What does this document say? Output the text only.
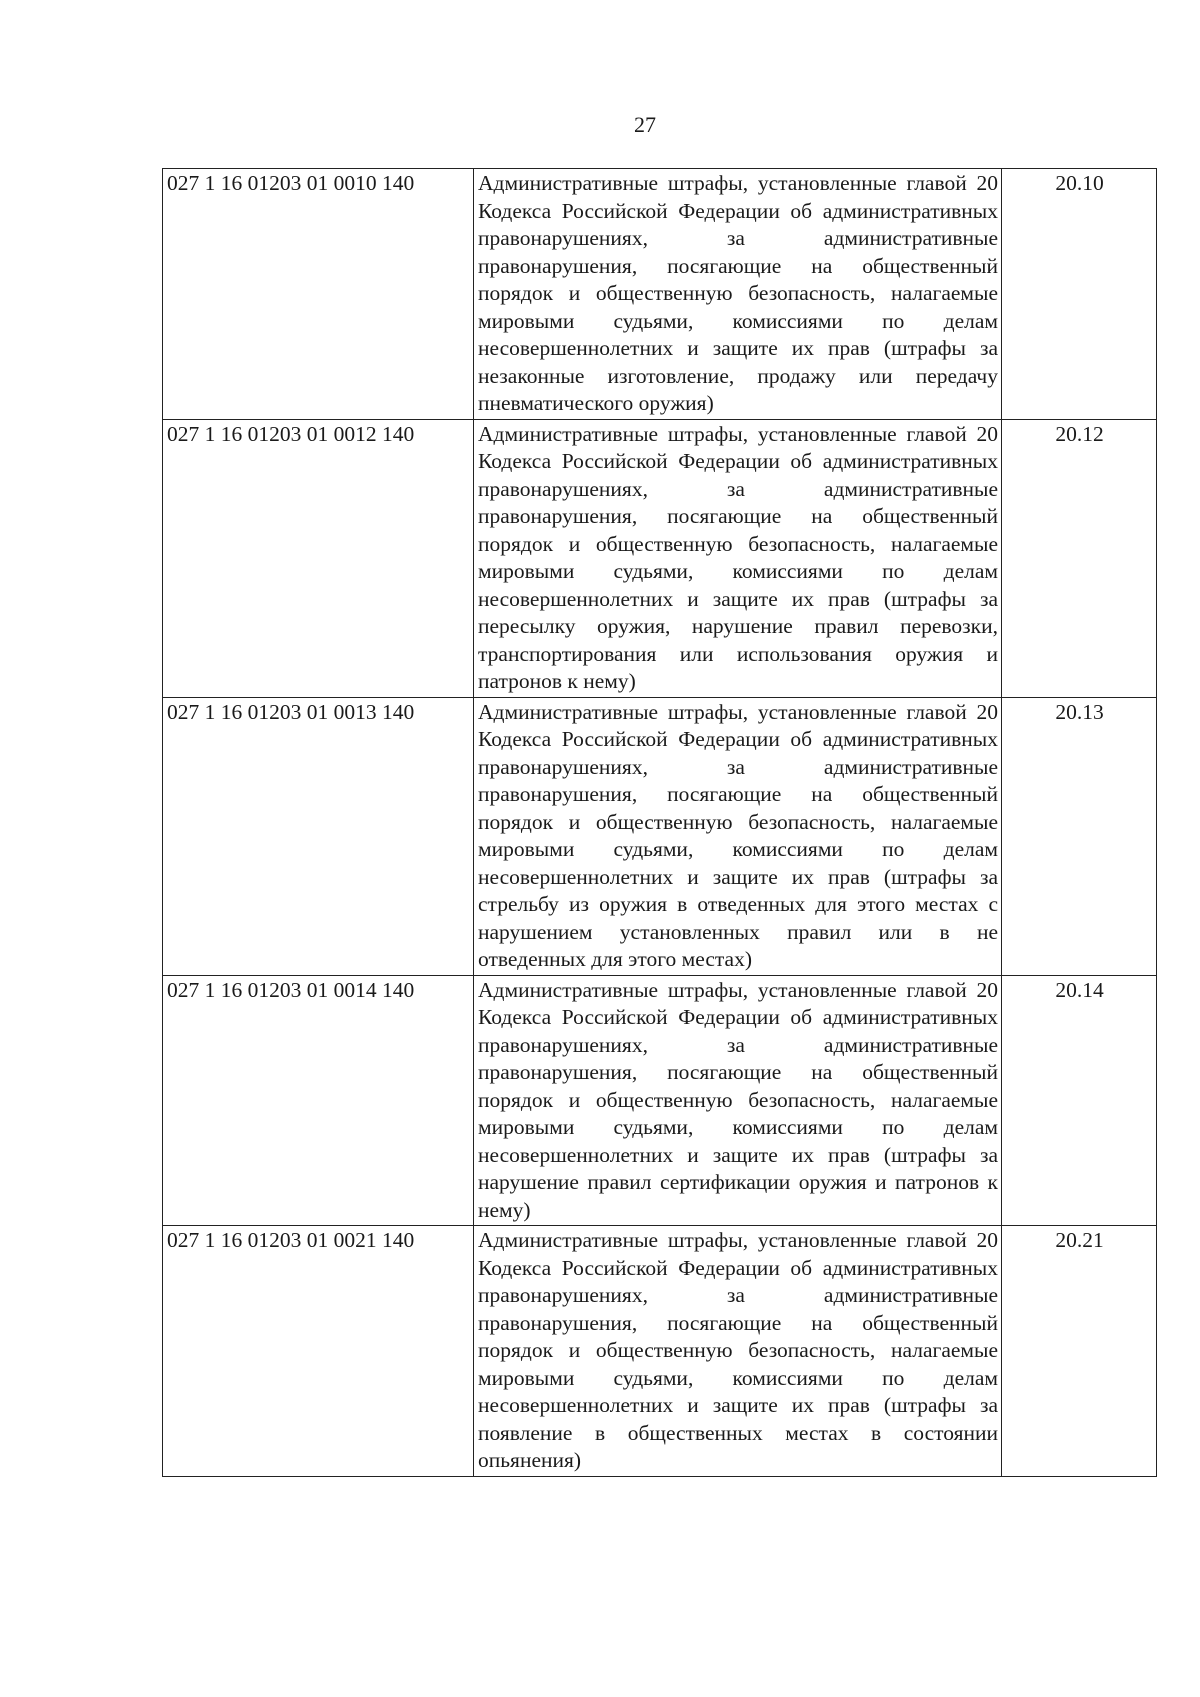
27
027 1 16 01203 01 0010 140	Административные штрафы, установленные главой 20 Кодекса Российской Федерации об административных правонарушениях, за административные правонарушения, посягающие на общественный порядок и общественную безопасность, налагаемые мировыми судьями, комиссиями по делам несовершеннолетних и защите их прав (штрафы за незаконные изготовление, продажу или передачу пневматического оружия)	20.10
027 1 16 01203 01 0012 140	Административные штрафы, установленные главой 20 Кодекса Российской Федерации об административных правонарушениях, за административные правонарушения, посягающие на общественный порядок и общественную безопасность, налагаемые мировыми судьями, комиссиями по делам несовершеннолетних и защите их прав (штрафы за пересылку оружия, нарушение правил перевозки, транспортирования или использования оружия и патронов к нему)	20.12
027 1 16 01203 01 0013 140	Административные штрафы, установленные главой 20 Кодекса Российской Федерации об административных правонарушениях, за административные правонарушения, посягающие на общественный порядок и общественную безопасность, налагаемые мировыми судьями, комиссиями по делам несовершеннолетних и защите их прав (штрафы за стрельбу из оружия в отведенных для этого местах с нарушением установленных правил или в не отведенных для этого местах)	20.13
027 1 16 01203 01 0014 140	Административные штрафы, установленные главой 20 Кодекса Российской Федерации об административных правонарушениях, за административные правонарушения, посягающие на общественный порядок и общественную безопасность, налагаемые мировыми судьями, комиссиями по делам несовершеннолетних и защите их прав (штрафы за нарушение правил сертификации оружия и патронов к нему)	20.14
027 1 16 01203 01 0021 140	Административные штрафы, установленные главой 20 Кодекса Российской Федерации об административных правонарушениях, за административные правонарушения, посягающие на общественный порядок и общественную безопасность, налагаемые мировыми судьями, комиссиями по делам несовершеннолетних и защите их прав (штрафы за появление в общественных местах в состоянии опьянения)	20.21
